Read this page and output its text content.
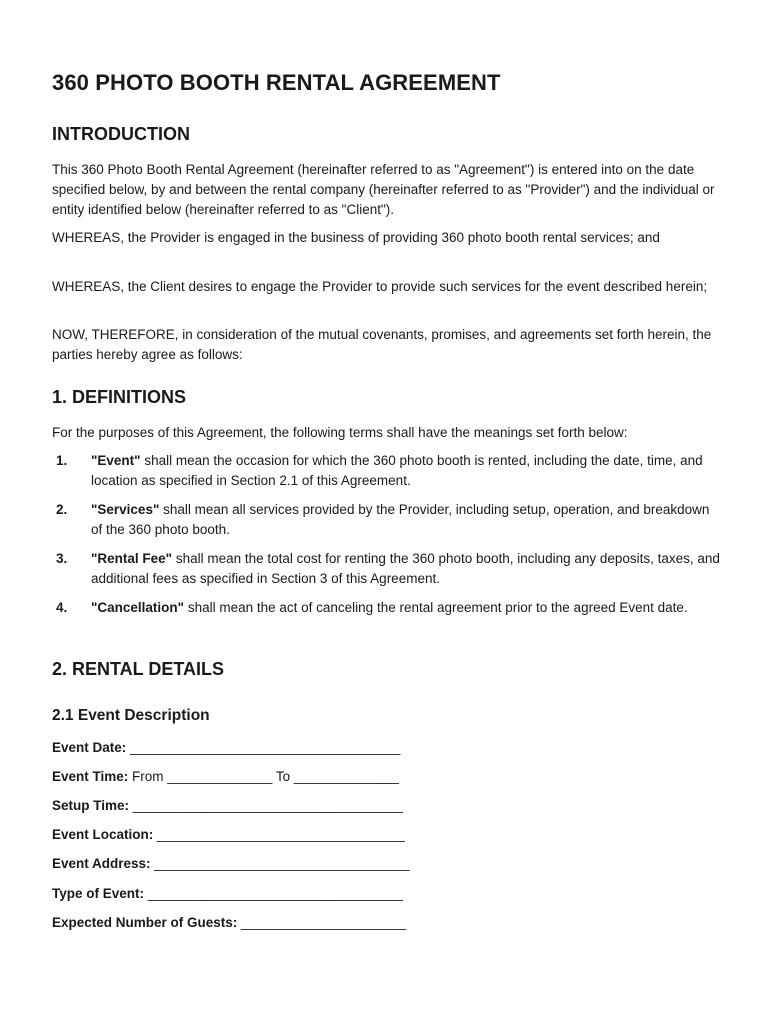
360 PHOTO BOOTH RENTAL AGREEMENT
INTRODUCTION

This 360 Photo Booth Rental Agreement (hereinafter referred to as "Agreement") is entered into on the date specified below, by and between the rental company (hereinafter referred to as "Provider") and the individual or entity identified below (hereinafter referred to as "Client").

WHEREAS, the Provider is engaged in the business of providing 360 photo booth rental services; and

WHEREAS, the Client desires to engage the Provider to provide such services for the event described herein;

NOW, THEREFORE, in consideration of the mutual covenants, promises, and agreements set forth herein, the parties hereby agree as follows:

1. DEFINITIONS

For the purposes of this Agreement, the following terms shall have the meanings set forth below:

1. "Event" shall mean the occasion for which the 360 photo booth is rented, including the date, time, and location as specified in Section 2.1 of this Agreement.
2. "Services" shall mean all services provided by the Provider, including setup, operation, and breakdown of the 360 photo booth.
3. "Rental Fee" shall mean the total cost for renting the 360 photo booth, including any deposits, taxes, and additional fees as specified in Section 3 of this Agreement.
4. "Cancellation" shall mean the act of canceling the rental agreement prior to the agreed Event date.
2. RENTAL DETAILS
2.1 Event Description
Event Date: ____________________________________
Event Time: From ______________ To ______________
Setup Time: ____________________________________
Event Location: _________________________________
Event Address: __________________________________
Type of Event: __________________________________
Expected Number of Guests: ______________________
